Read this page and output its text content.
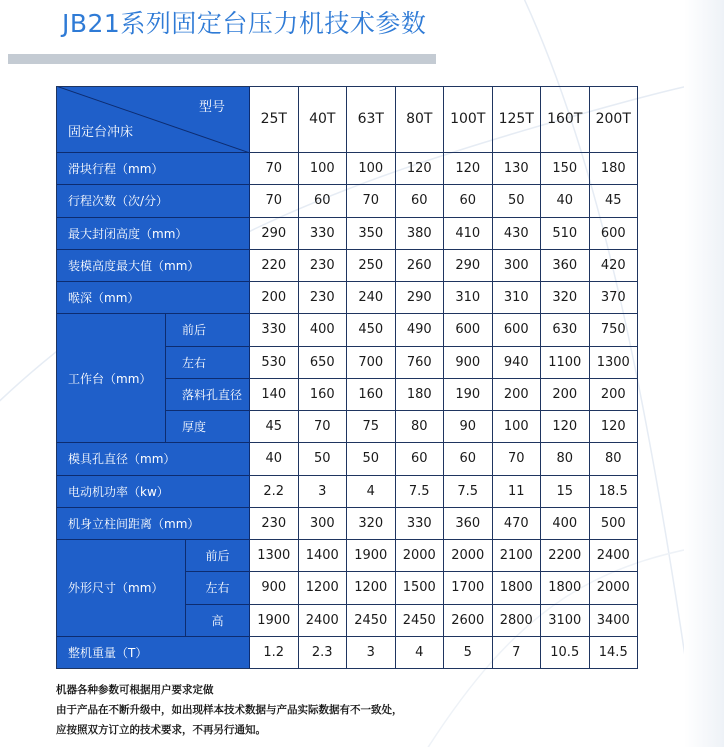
JB21系列固定台压力机技术参数
型号
固定台冲床
25T	40T	63T	80T	100T 125T 160T 200T
滑块行程（mm）	70	100	100	120	120	130	150	180
行程次数（次/分）	70	60	70	60	60	50	40	45
最大封闭高度（mm）	290	330	350	380	410	430	510	600
装模高度最大值（mm）	220	230	250	260	290	300	360	420
喉深（mm）	200	230	240	290	310	310	320	370
工作台（mm）
前后	330	400	450	490	600	600	630	750
左右	530	650	700	760	900	940	1100	1300
落料孔直径	140	160	160	180	190	200	200	200
厚度	45	70	75	80	90	100	120	120
模具孔直径（mm）	40	50	50	60	60	70	80	80
电动机功率（kw）	2.2	3	4	7.5	7.5	11	15	18.5
机身立柱间距离（mm）	230	300	320	330	360	470	400	500
外形尺寸（mm）
前后	1300	1400	1900	2000	2000	2100	2200	2400
左右	900	1200	1200	1500	1700	1800	1800	2000
高	1900	2400	2450	2450	2600	2800	3100	3400
整机重量（T）	1.2	2.3	3	4	5	7	10.5	14.5
机器各种参数可根据用户要求定做
由于产品在不断升级中，如出现样本技术数据与产品实际数据有不一致处，
应按照双方订立的技术要求，不再另行通知。
